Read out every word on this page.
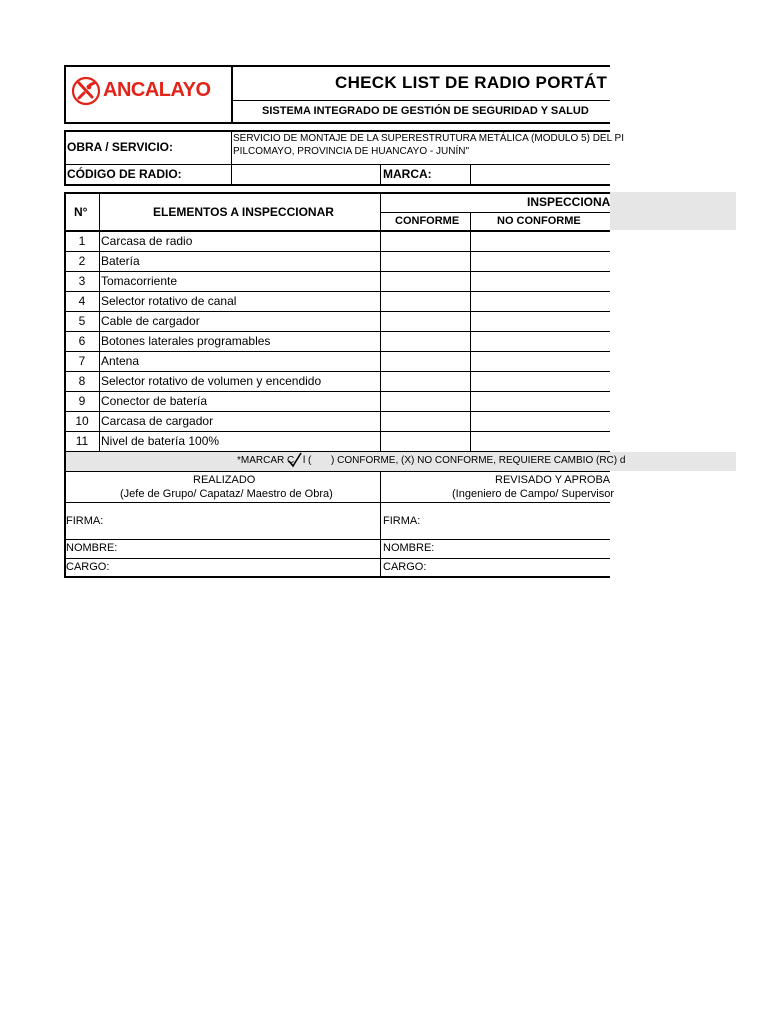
ANCALAYO	CHECK LIST DE RADIO PORTÁT
SISTEMA INTEGRADO DE GESTIÓN DE SEGURIDAD Y SALUD
OBRA / SERVICIO:
SERVICIO DE MONTAJE DE LA SUPERESTRUTURA METÁLICA (MODULO 5) DEL PI
PILCOMAYO, PROVINCIA DE HUANCAYO - JUNÍN"
CÓDIGO DE RADIO:	MARCA:
N°	ELEMENTOS A INSPECCIONAR
INSPECCIONA
CONFORME	NO CONFORME
1	Carcasa de radio
2	Batería
3	Tomacorriente
4	Selector rotativo de canal
5	Cable de cargador
6	Botones laterales programables
7	Antena
8	Selector rotativo de volumen y encendido
9	Conector de batería
10	Carcasa de cargador
11	Nivel de batería 100%
*MARCAR C l ( ) CONFORME, (X) NO CONFORME, REQUIERE CAMBIO (RC) d
REALIZADO
(Jefe de Grupo/ Capataz/ Maestro de Obra)
REVISADO Y APROBA
(Ingeniero de Campo/ Supervisor
FIRMA:
NOMBRE:
CARGO:
FIRMA:
NOMBRE:
CARGO:
